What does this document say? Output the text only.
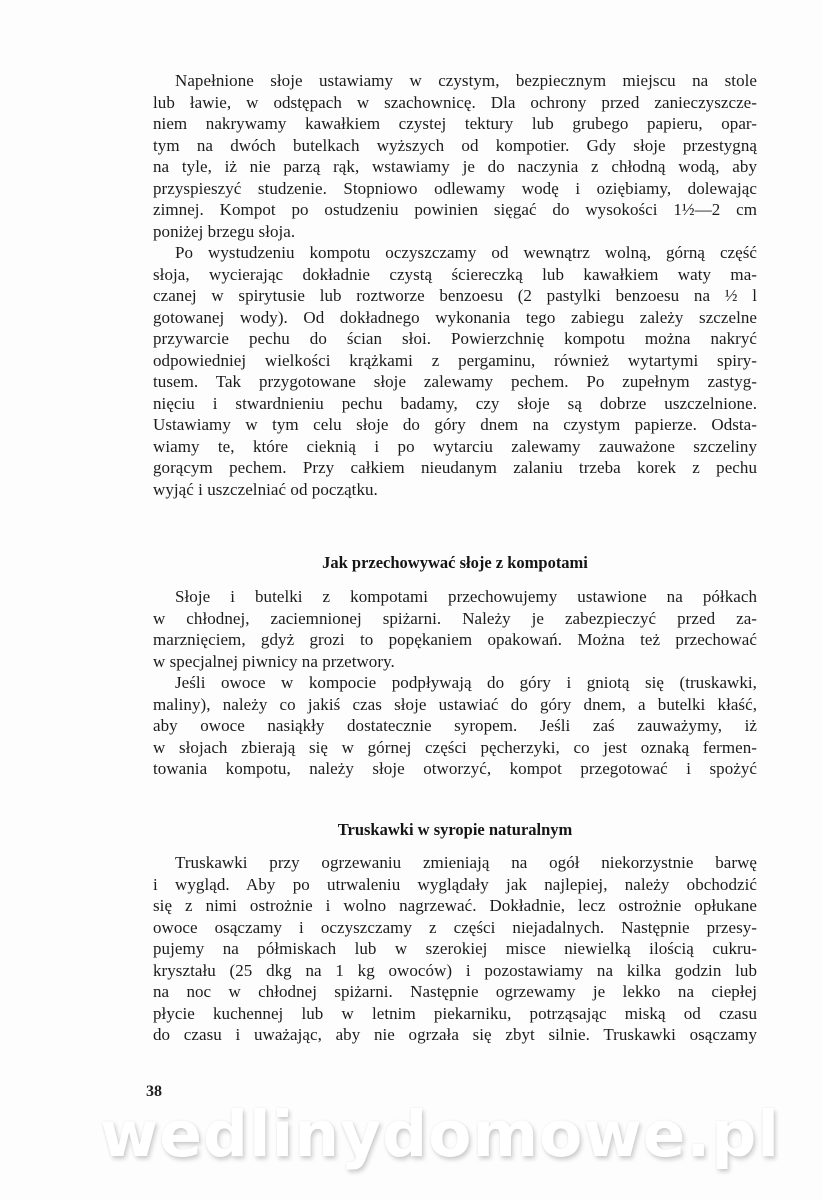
Napełnione słoje ustawiamy w czystym, bezpiecznym miejscu na stole
lub ławie, w odstępach w szachownicę. Dla ochrony przed zanieczyszcze-
niem nakrywamy kawałkiem czystej tektury lub grubego papieru, opar-
tym na dwóch butelkach wyższych od kompotier. Gdy słoje przestygną
na tyle, iż nie parzą rąk, wstawiamy je do naczynia z chłodną wodą, aby
przyspieszyć studzenie. Stopniowo odlewamy wodę i oziębiamy, dolewając
zimnej. Kompot po ostudzeniu powinien sięgać do wysokości 1½—2 cm
poniżej brzegu słoja.
Po wystudzeniu kompotu oczyszczamy od wewnątrz wolną, górną część
słoja, wycierając dokładnie czystą ściereczką lub kawałkiem waty ma-
czanej w spirytusie lub roztworze benzoesu (2 pastylki benzoesu na ½ l
gotowanej wody). Od dokładnego wykonania tego zabiegu zależy szczelne
przywarcie pechu do ścian słoi. Powierzchnię kompotu można nakryć
odpowiedniej wielkości krążkami z pergaminu, również wytartymi spiry-
tusem. Tak przygotowane słoje zalewamy pechem. Po zupełnym zastyg-
nięciu i stwardnieniu pechu badamy, czy słoje są dobrze uszczelnione.
Ustawiamy w tym celu słoje do góry dnem na czystym papierze. Odsta-
wiamy te, które cieknią i po wytarciu zalewamy zauważone szczeliny
gorącym pechem. Przy całkiem nieudanym zalaniu trzeba korek z pechu
wyjąć i uszczelniać od początku.
Jak przechowywać słoje z kompotami
Słoje i butelki z kompotami przechowujemy ustawione na półkach
w chłodnej, zaciemnionej spiżarni. Należy je zabezpieczyć przed za-
marznięciem, gdyż grozi to popękaniem opakowań. Można też przechować
w specjalnej piwnicy na przetwory.
Jeśli owoce w kompocie podpływają do góry i gniotą się (truskawki,
maliny), należy co jakiś czas słoje ustawiać do góry dnem, a butelki kłaść,
aby owoce nasiąkły dostatecznie syropem. Jeśli zaś zauważymy, iż
w słojach zbierają się w górnej części pęcherzyki, co jest oznaką fermen-
towania kompotu, należy słoje otworzyć, kompot przegotować i spożyć
Truskawki w syropie naturalnym
Truskawki przy ogrzewaniu zmieniają na ogół niekorzystnie barwę
i wygląd. Aby po utrwaleniu wyglądały jak najlepiej, należy obchodzić
się z nimi ostrożnie i wolno nagrzewać. Dokładnie, lecz ostrożnie opłukane
owoce osączamy i oczyszczamy z części niejadalnych. Następnie przesy-
pujemy na półmiskach lub w szerokiej misce niewielką ilością cukru-
kryształu (25 dkg na 1 kg owoców) i pozostawiamy na kilka godzin lub
na noc w chłodnej spiżarni. Następnie ogrzewamy je lekko na ciepłej
płycie kuchennej lub w letnim piekarniku, potrząsając miską od czasu
do czasu i uważając, aby nie ogrzała się zbyt silnie. Truskawki osączamy
38
wedlinydomowe.pl
